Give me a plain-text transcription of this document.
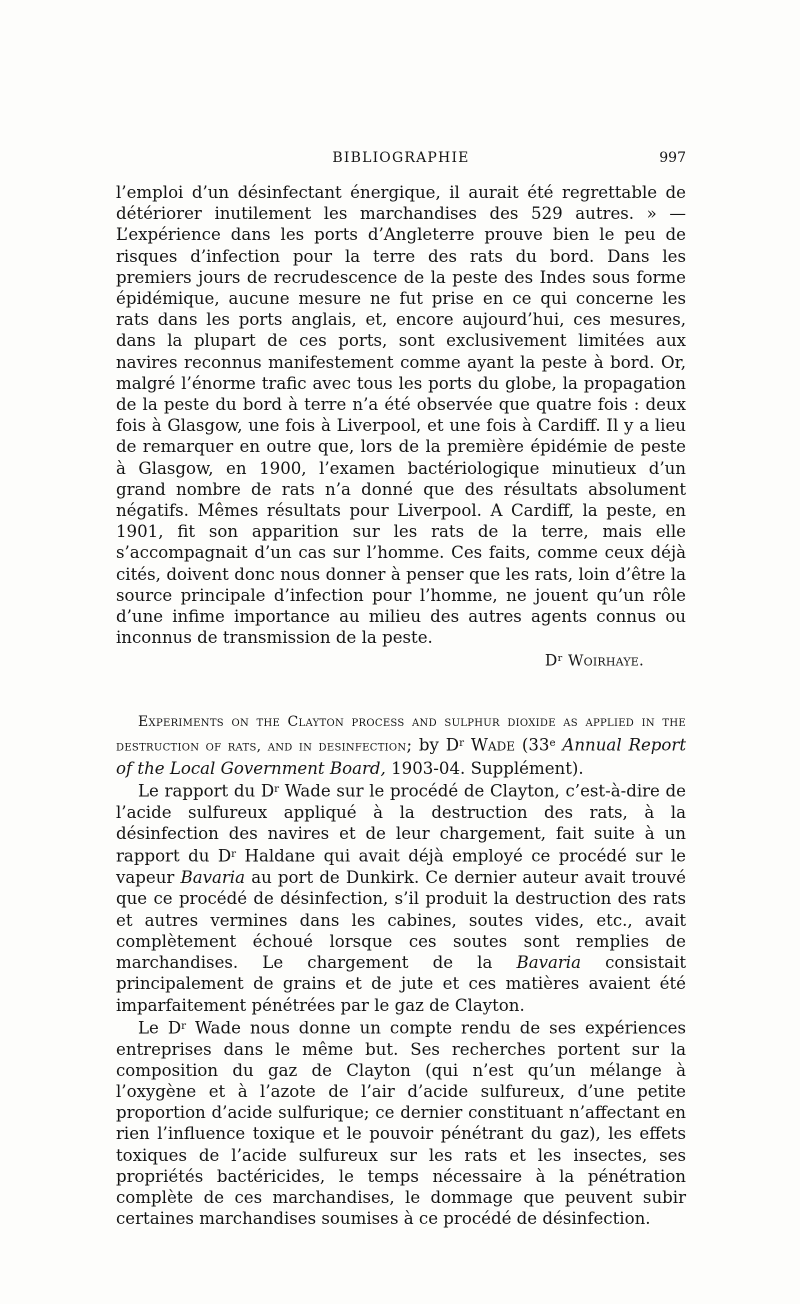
BIBLIOGRAPHIE	997

l’emploi d’un désinfectant énergique, il aurait été regrettable de détériorer inutilement les marchandises des 529 autres. » — L’expérience dans les ports d’Angleterre prouve bien le peu de risques d’infection pour la terre des rats du bord. Dans les premiers jours de recrudescence de la peste des Indes sous forme épidémique, aucune mesure ne fut prise en ce qui concerne les rats dans les ports anglais, et, encore aujourd’hui, ces mesures, dans la plupart de ces ports, sont exclusivement limitées aux navires reconnus manifestement comme ayant la peste à bord. Or, malgré l’énorme trafic avec tous les ports du globe, la propagation de la peste du bord à terre n’a été observée que quatre fois : deux fois à Glasgow, une fois à Liverpool, et une fois à Cardiff. Il y a lieu de remarquer en outre que, lors de la première épidémie de peste à Glasgow, en 1900, l’examen bactériologique minutieux d’un grand nombre de rats n’a donné que des résultats absolument négatifs. Mêmes résultats pour Liverpool. A Cardiff, la peste, en 1901, fit son apparition sur les rats de la terre, mais elle s’accompagnait d’un cas sur l’homme. Ces faits, comme ceux déjà cités, doivent donc nous donner à penser que les rats, loin d’être la source principale d’infection pour l’homme, ne jouent qu’un rôle d’une infime importance au milieu des autres agents connus ou inconnus de transmission de la peste.

$D^r$ Woirhaye.

Experiments on the Clayton process and sulphur dioxide as applied in the destruction of rats, and in desinfection; by $D^r$ Wade (33e Annual Report of the Local Government Board, 1903-04. Supplément).

Le rapport du $D^r$ Wade sur le procédé de Clayton, c’est-à-dire de l’acide sulfureux appliqué à la destruction des rats, à la désinfection des navires et de leur chargement, fait suite à un rapport du $D^r$ Haldane qui avait déjà employé ce procédé sur le vapeur Bavaria au port de Dunkirk. Ce dernier auteur avait trouvé que ce procédé de désinfection, s’il produit la destruction des rats et autres vermines dans les cabines, soutes vides, etc., avait complètement échoué lorsque ces soutes sont remplies de marchandises. Le chargement de la Bavaria consistait principalement de grains et de jute et ces matières avaient été imparfaitement pénétrées par le gaz de Clayton.

Le $D^r$ Wade nous donne un compte rendu de ses expériences entreprises dans le même but. Ses recherches portent sur la composition du gaz de Clayton (qui n’est qu’un mélange à l’oxygène et à l’azote de l’air d’acide sulfureux, d’une petite proportion d’acide sulfurique; ce dernier constituant n’affectant en rien l’influence toxique et le pouvoir pénétrant du gaz), les effets toxiques de l’acide sulfureux sur les rats et les insectes, ses propriétés bactéricides, le temps nécessaire à la pénétration complète de ces marchandises, le dommage que peuvent subir certaines marchandises soumises à ce procédé de désinfection.
